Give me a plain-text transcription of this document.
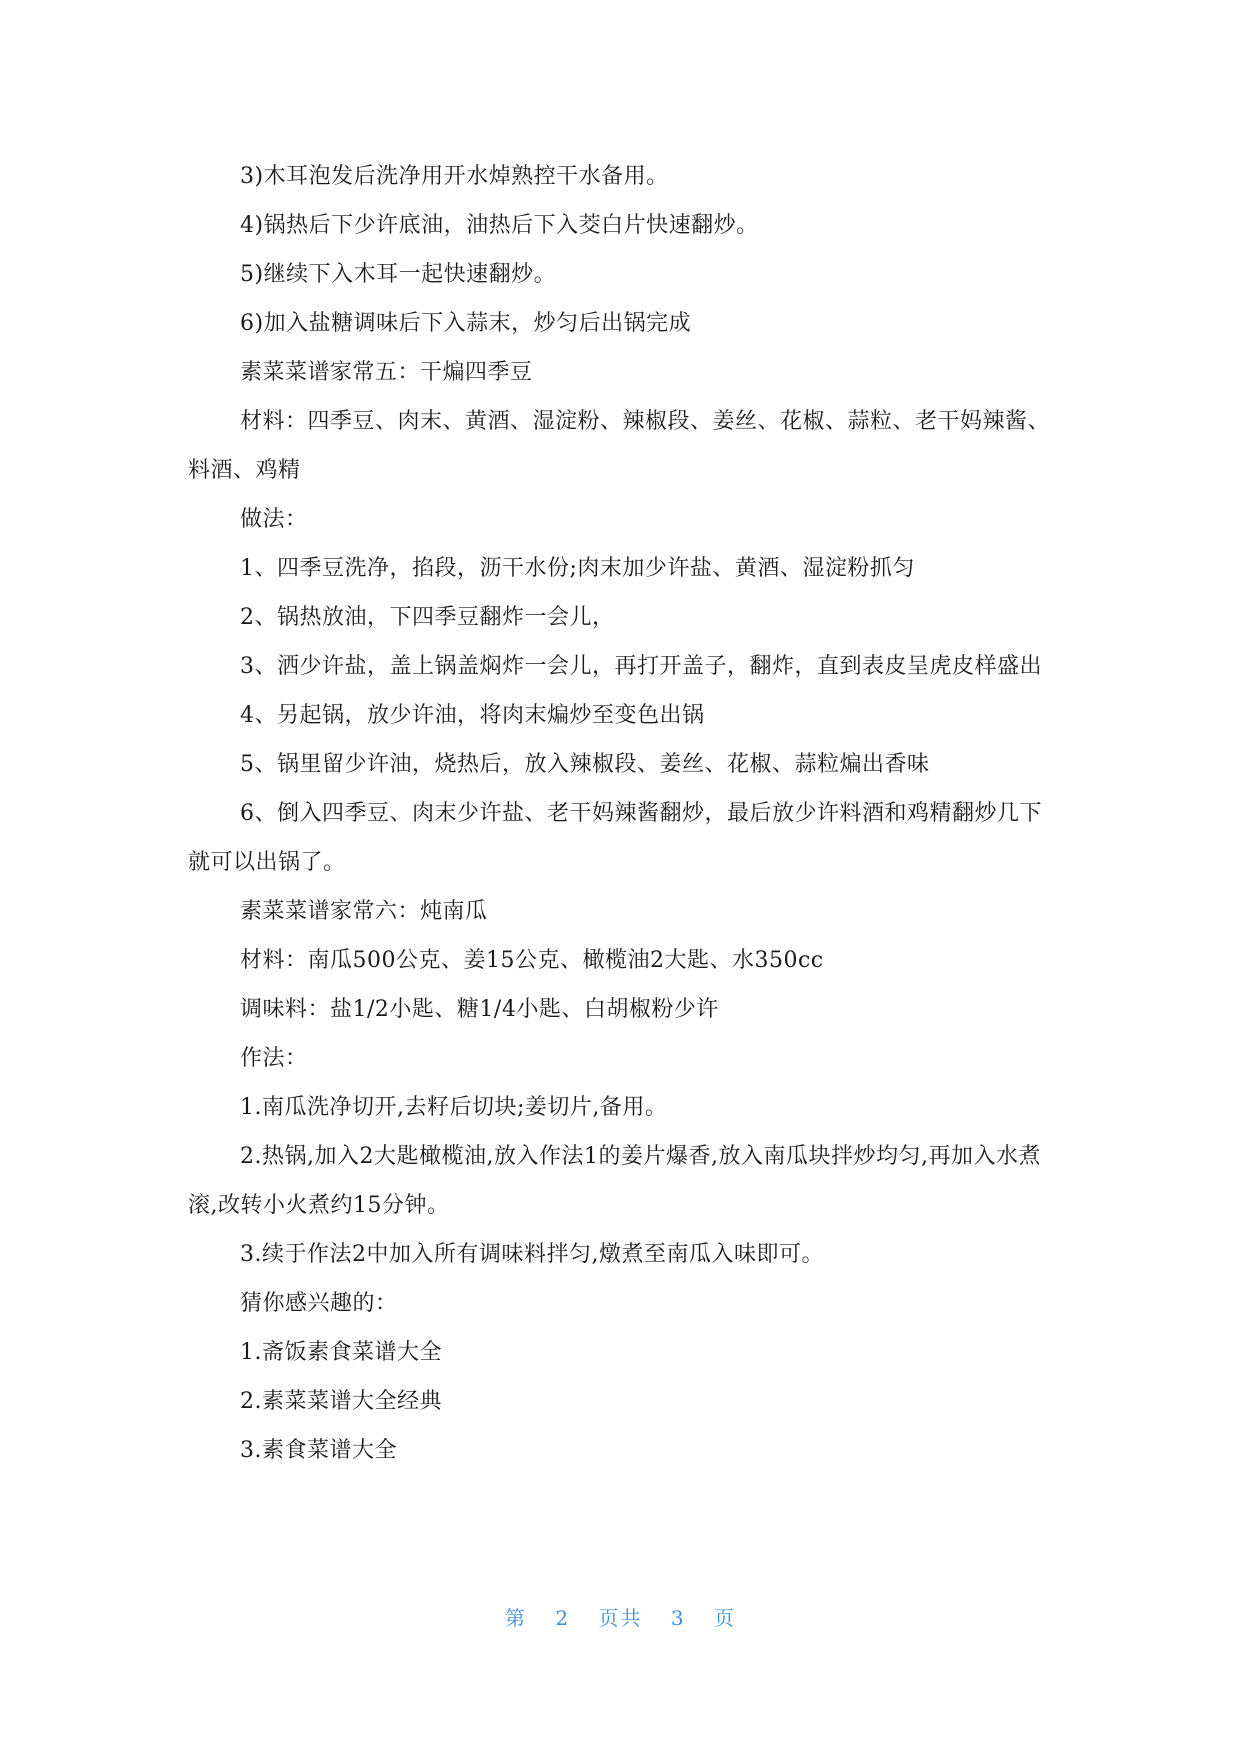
3)木耳泡发后洗净用开水焯熟控干水备用。

4)锅热后下少许底油，油热后下入茭白片快速翻炒。

5)继续下入木耳一起快速翻炒。

6)加入盐糖调味后下入蒜末，炒匀后出锅完成

素菜菜谱家常五：干煸四季豆

材料：四季豆、肉末、黄酒、湿淀粉、辣椒段、姜丝、花椒、蒜粒、老干妈辣酱、料酒、鸡精

做法：

1、四季豆洗净，掐段，沥干水份;肉末加少许盐、黄酒、湿淀粉抓匀

2、锅热放油，下四季豆翻炸一会儿，

3、洒少许盐，盖上锅盖焖炸一会儿，再打开盖子，翻炸，直到表皮呈虎皮样盛出

4、另起锅，放少许油，将肉末煸炒至变色出锅

5、锅里留少许油，烧热后，放入辣椒段、姜丝、花椒、蒜粒煸出香味

6、倒入四季豆、肉末少许盐、老干妈辣酱翻炒，最后放少许料酒和鸡精翻炒几下就可以出锅了。

素菜菜谱家常六：炖南瓜

材料：南瓜500公克、姜15公克、橄榄油2大匙、水350cc

调味料：盐1/2小匙、糖1/4小匙、白胡椒粉少许

作法：

1.南瓜洗净切开,去籽后切块;姜切片,备用。

2.热锅,加入2大匙橄榄油,放入作法1的姜片爆香,放入南瓜块拌炒均匀,再加入水煮滚,改转小火煮约15分钟。

3.续于作法2中加入所有调味料拌匀,燉煮至南瓜入味即可。

猜你感兴趣的：

1.斋饭素食菜谱大全

2.素菜菜谱大全经典

3.素食菜谱大全

第 2 页共 3 页
